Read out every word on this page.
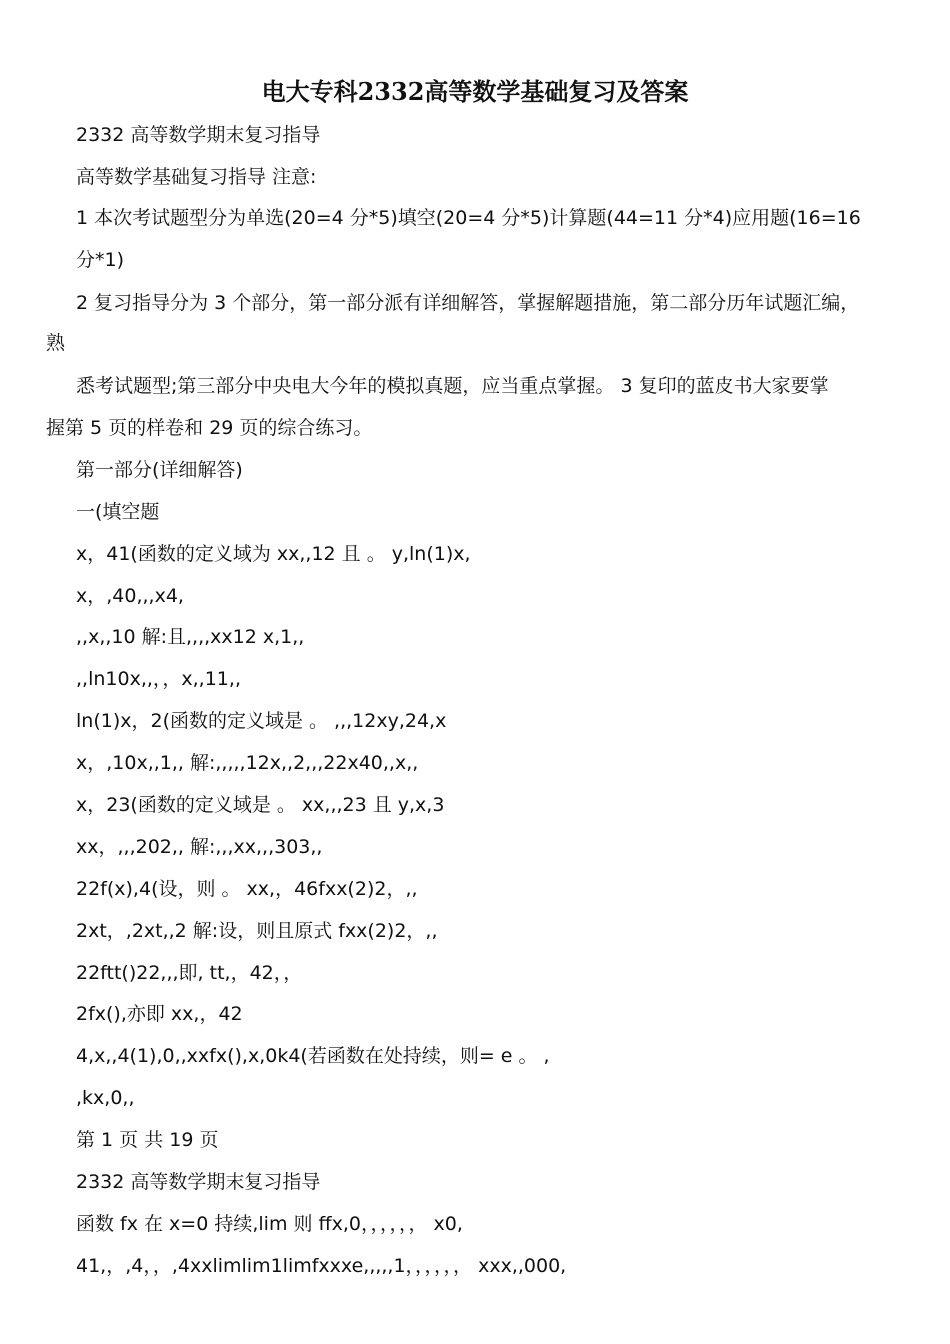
电大专科2332高等数学基础复习及答案
2332 高等数学期末复习指导
高等数学基础复习指导 注意:
1 本次考试题型分为单选(20=4 分*5)填空(20=4 分*5)计算题(44=11 分*4)应用题(16=16
分*1)
2 复习指导分为 3 个部分，第一部分派有详细解答，掌握解题措施，第二部分历年试题汇编，
熟
悉考试题型;第三部分中央电大今年的模拟真题，应当重点掌握。 3 复印的蓝皮书大家要掌
握第 5 页的样卷和 29 页的综合练习。
第一部分(详细解答)
一(填空题
x，41(函数的定义域为 xx,,12 且 。 y,ln(1)x,
x，,40,,,x4,
,,x,,10 解:且,,,,xx12 x,1,,
,,ln10x,,，，x,,11,,
ln(1)x，2(函数的定义域是 。 ,,,12xy,24,x
x，,10x,,1,, 解:,,,,,12x,,2,,,22x40,,x,,
x，23(函数的定义域是 。 xx,,,23 且 y,x,3
xx，,,,202,, 解:,,,xx,,,303,,
22f(x),4(设，则 。 xx,，46fxx(2)2，,,
2xt，,2xt,,2 解:设，则且原式 fxx(2)2，,,
22ftt()22,,,即, tt,，42，，
2fx(),亦即 xx,，42
4,x,,4(1),0,,xxfx(),x,0k4(若函数在处持续，则= e 。 ,
,kx,0,,
第 1 页 共 19 页
2332 高等数学期末复习指导
函数 fx 在 x=0 持续,lim 则 ffx,0，，，，，， x0,
41,，,4，，,4xxlimlim1limfxxxe,,,,,1，，，，，， xxx,,000,
